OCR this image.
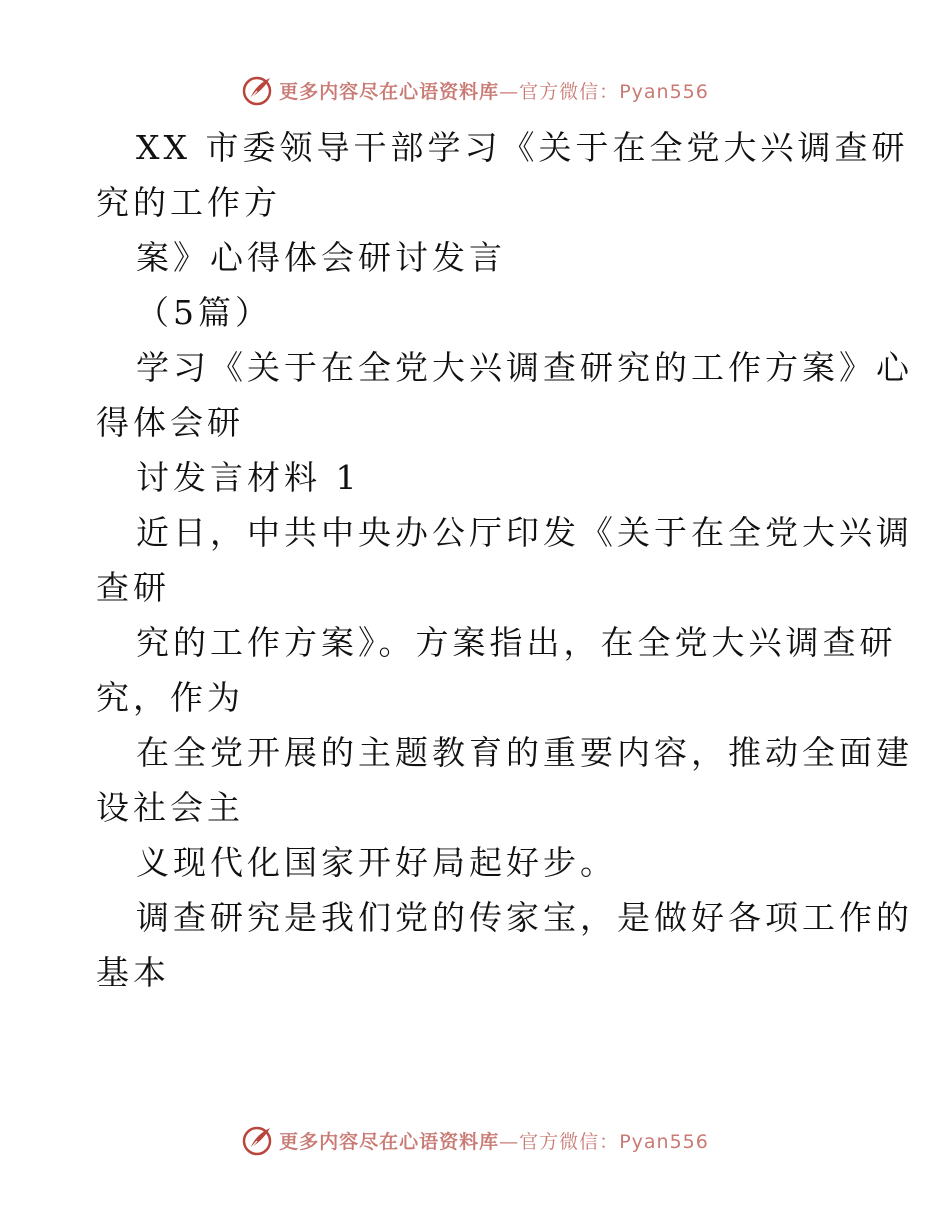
更多内容尽在心语资料库—官方微信：Pyan556
XX 市委领导干部学习《关于在全党大兴调查研
究的工作方
案》心得体会研讨发言
（5篇）
学习《关于在全党大兴调查研究的工作方案》心
得体会研
讨发言材料 1
近日，中共中央办公厅印发《关于在全党大兴调
查研
究的工作方案》。方案指出，在全党大兴调查研
究，作为
在全党开展的主题教育的重要内容，推动全面建
设社会主
义现代化国家开好局起好步。
调查研究是我们党的传家宝，是做好各项工作的
基本
更多内容尽在心语资料库—官方微信：Pyan556
